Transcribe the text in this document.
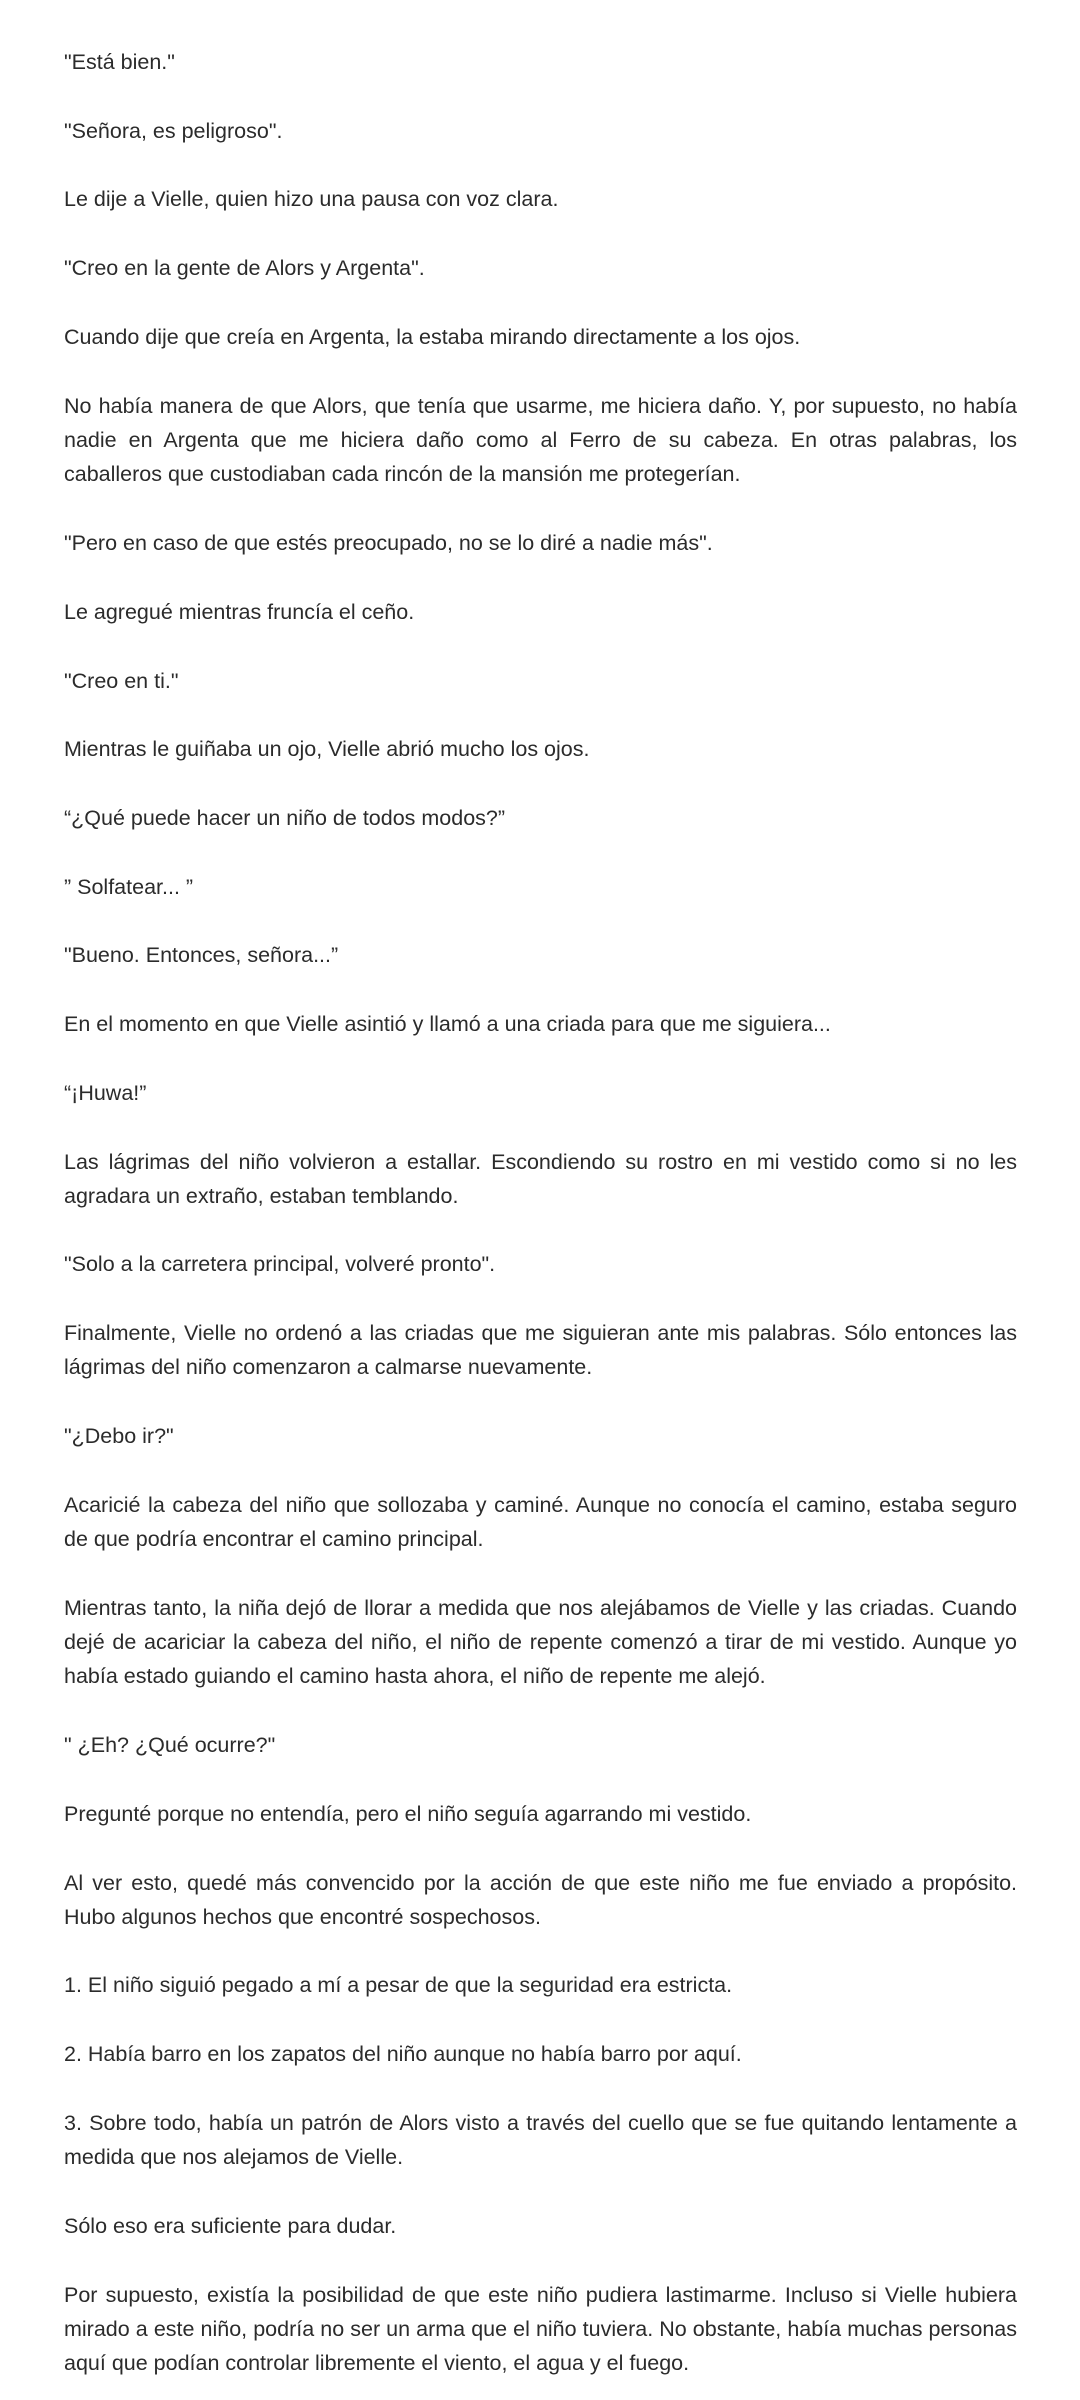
"Está bien."

"Señora, es peligroso".

Le dije a Vielle, quien hizo una pausa con voz clara.

"Creo en la gente de Alors y Argenta".

Cuando dije que creía en Argenta, la estaba mirando directamente a los ojos.

No había manera de que Alors, que tenía que usarme, me hiciera daño. Y, por supuesto, no había nadie en Argenta que me hiciera daño como al Ferro de su cabeza. En otras palabras, los caballeros que custodiaban cada rincón de la mansión me protegerían.

"Pero en caso de que estés preocupado, no se lo diré a nadie más".

Le agregué mientras fruncía el ceño.

"Creo en ti."

Mientras le guiñaba un ojo, Vielle abrió mucho los ojos.

“¿Qué puede hacer un niño de todos modos?”

” Solfatear... ”

"Bueno. Entonces, señora...”

En el momento en que Vielle asintió y llamó a una criada para que me siguiera...

“¡Huwa!”

Las lágrimas del niño volvieron a estallar. Escondiendo su rostro en mi vestido como si no les agradara un extraño, estaban temblando.

"Solo a la carretera principal, volveré pronto".

Finalmente, Vielle no ordenó a las criadas que me siguieran ante mis palabras. Sólo entonces las lágrimas del niño comenzaron a calmarse nuevamente.

"¿Debo ir?"

Acaricié la cabeza del niño que sollozaba y caminé. Aunque no conocía el camino, estaba seguro de que podría encontrar el camino principal.

Mientras tanto, la niña dejó de llorar a medida que nos alejábamos de Vielle y las criadas. Cuando dejé de acariciar la cabeza del niño, el niño de repente comenzó a tirar de mi vestido. Aunque yo había estado guiando el camino hasta ahora, el niño de repente me alejó.

" ¿Eh? ¿Qué ocurre?"

Pregunté porque no entendía, pero el niño seguía agarrando mi vestido.

Al ver esto, quedé más convencido por la acción de que este niño me fue enviado a propósito. Hubo algunos hechos que encontré sospechosos.

1. El niño siguió pegado a mí a pesar de que la seguridad era estricta.

2. Había barro en los zapatos del niño aunque no había barro por aquí.

3. Sobre todo, había un patrón de Alors visto a través del cuello que se fue quitando lentamente a medida que nos alejamos de Vielle.

Sólo eso era suficiente para dudar.

Por supuesto, existía la posibilidad de que este niño pudiera lastimarme. Incluso si Vielle hubiera mirado a este niño, podría no ser un arma que el niño tuviera. No obstante, había muchas personas aquí que podían controlar libremente el viento, el agua y el fuego.
